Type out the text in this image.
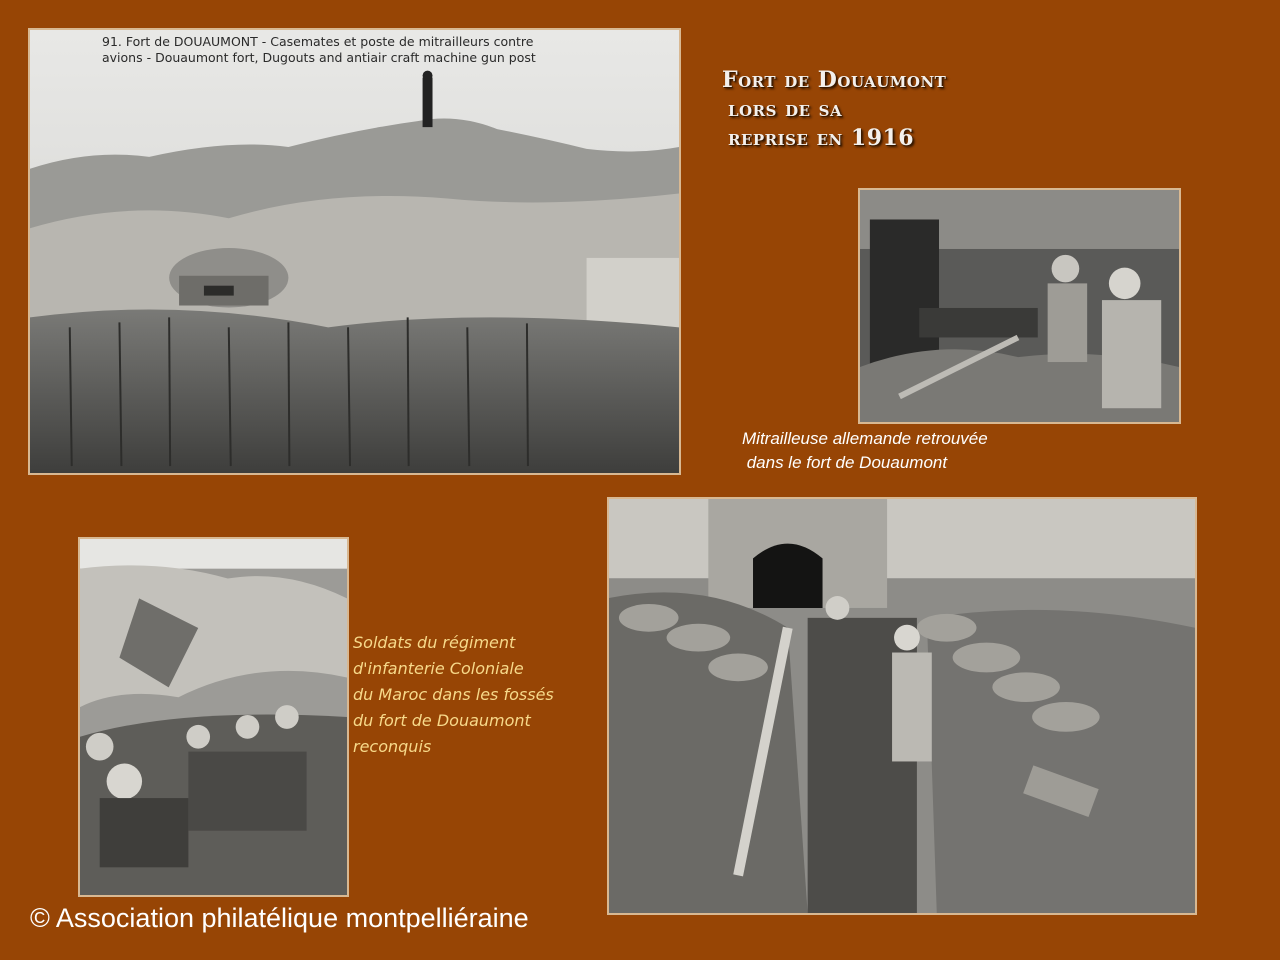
91. Fort de DOUAUMONT - Casemates et poste de mitrailleurs contre
avions - Douaumont fort, Dugouts and antiair craft machine gun post
Fort de Douaumont
lors de sa
reprise en 1916
Mitrailleuse allemande retrouvée
dans le fort de Douaumont
Soldats du régiment
d'infanterie Coloniale
du Maroc dans les fossés
du fort de Douaumont
reconquis
© Association philatélique montpelliéraine
